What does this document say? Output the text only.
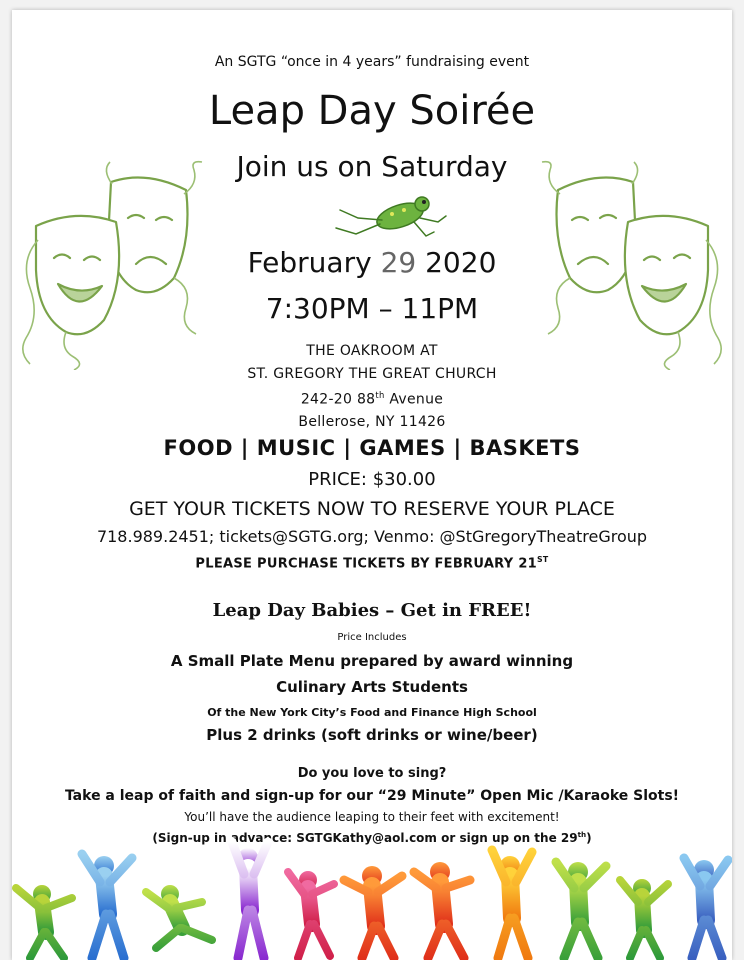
An SGTG “once in 4 years” fundraising event
Leap Day Soirée
Join us on Saturday
February 29 2020
7:30PM – 11PM
THE OAKROOM AT
ST. GREGORY THE GREAT CHURCH
242-20 88th Avenue
Bellerose, NY 11426
FOOD | MUSIC | GAMES | BASKETS
PRICE: $30.00
GET YOUR TICKETS NOW TO RESERVE YOUR PLACE
718.989.2451; tickets@SGTG.org; Venmo: @StGregoryTheatreGroup
PLEASE PURCHASE TICKETS BY FEBRUARY 21ST
Leap Day Babies – Get in FREE!
Price Includes
A Small Plate Menu prepared by award winning
Culinary Arts Students
Of the New York City’s Food and Finance High School
Plus 2 drinks (soft drinks or wine/beer)
Do you love to sing?
Take a leap of faith and sign-up for our “29 Minute” Open Mic /Karaoke Slots!
You’ll have the audience leaping to their feet with excitement!
(Sign-up in advance: SGTGKathy@aol.com or sign up on the 29th)
